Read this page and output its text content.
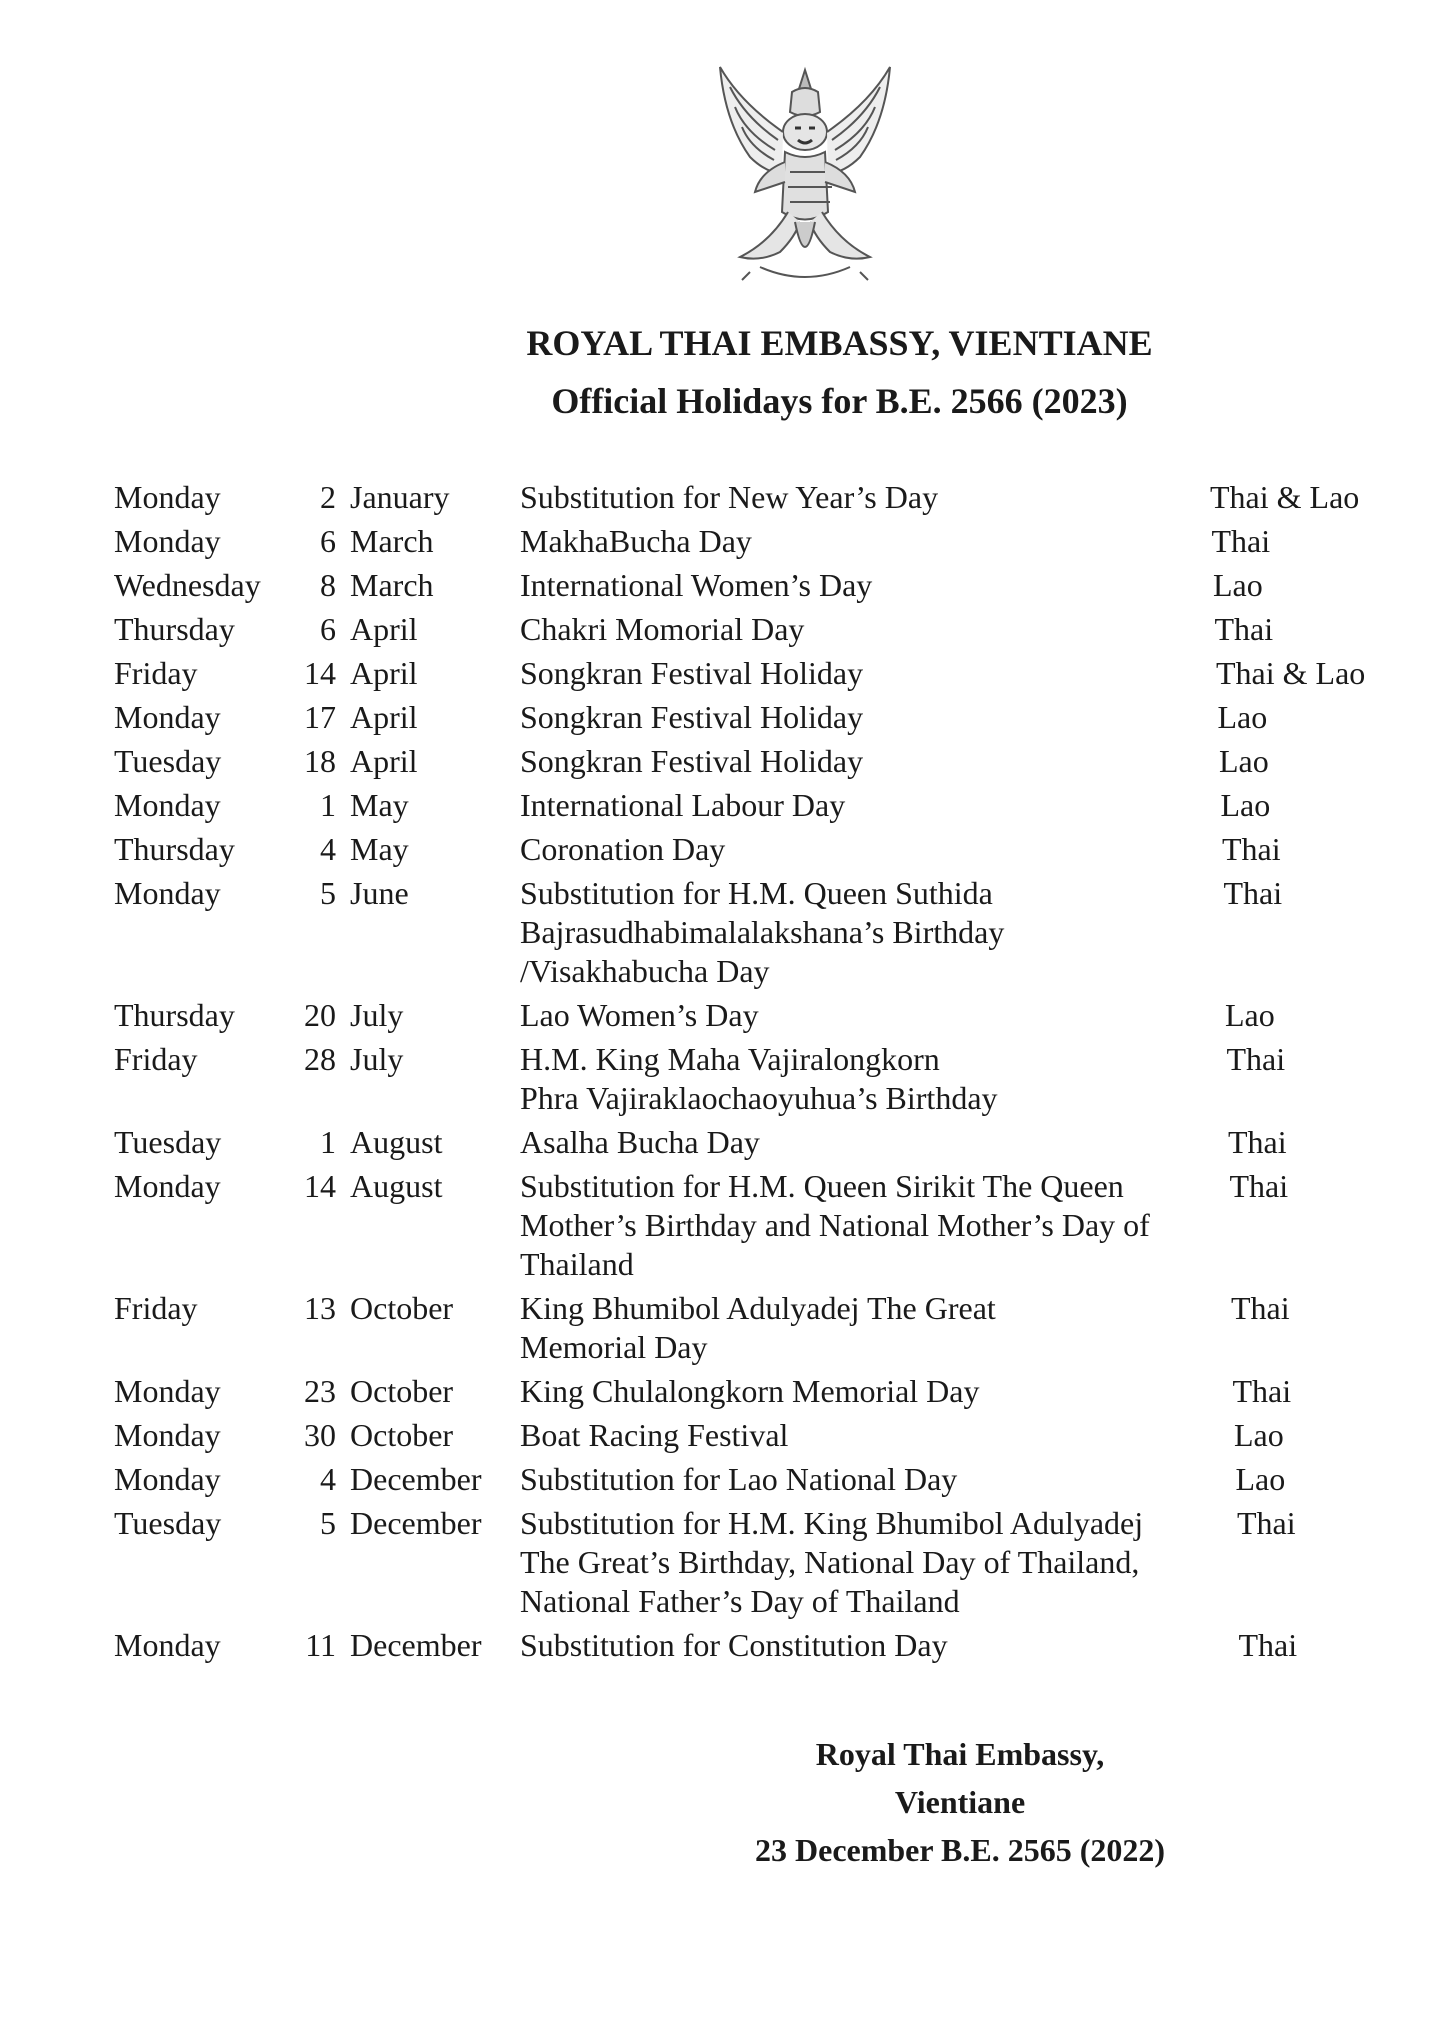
ROYAL THAI EMBASSY, VIENTIANE
Official Holidays for B.E. 2566 (2023)
Monday	2 January Substitution for New Year’s Day	Thai & Lao
Monday	6 March	MakhaBucha Day	Thai
Wednesday	8 March	International Women’s Day	Lao
Thursday	6 April	Chakri Momorial Day	Thai
Friday	14 April	Songkran Festival Holiday	Thai & Lao
Monday	17 April	Songkran Festival Holiday	Lao
Tuesday	18 April	Songkran Festival Holiday	Lao
Monday	1 May	International Labour Day	Lao
Thursday	4 May	Coronation Day	Thai
Monday	5 June	Substitution for H.M. Queen Suthida
Bajrasudhabimalalakshana’s Birthday
/Visakhabucha Day
Thai
Thursday	20 July	Lao Women’s Day	Lao
Friday	28 July	H.M. King Maha Vajiralongkorn
Phra Vajiraklaochaoyuhua’s Birthday
Thai
Tuesday	1 August Asalha Bucha Day	Thai
Monday	14 August Substitution for H.M. Queen Sirikit The Queen
Mother’s Birthday and National Mother’s Day of
Thailand
Thai
Friday	13 October King Bhumibol Adulyadej The Great
Memorial Day
Thai
Monday	23 October King Chulalongkorn Memorial Day	Thai
Monday	30 October Boat Racing Festival	Lao
Monday	4 December Substitution for Lao National Day	Lao
Tuesday	5 December Substitution for H.M. King Bhumibol Adulyadej
The Great’s Birthday, National Day of Thailand,
National Father’s Day of Thailand
Thai
Monday	11 December Substitution for Constitution Day	Thai
Royal Thai Embassy,
Vientiane
23 December B.E. 2565 (2022)
